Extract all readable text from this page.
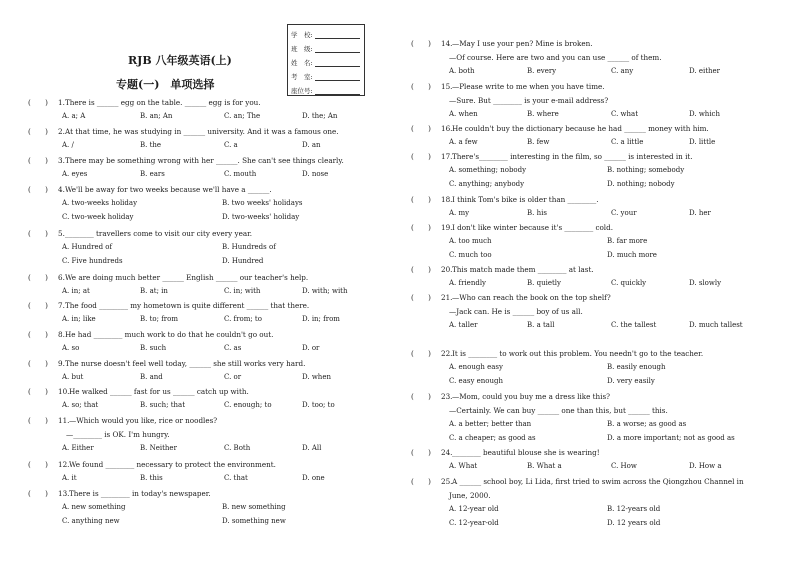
RJB 八年级英语(上)
专题(一)　单项选择
学　校:
班　级:
姓　名:
考　室:
座位号:
(　　) 1. There is ______ egg on the table. ______ egg is for you.
A. a; A	B. an; An	C. an; The	D. the; An
(　　) 2. At that time, he was studying in ______ university. And it was a famous one.
A. /	B. the	C. a	D. an
(　　) 3. There may be something wrong with her ______. She can't see things clearly.
A. eyes	B. ears	C. mouth	D. nose
(　　) 4. We'll be away for two weeks because we'll have a ______.
A. two-weeks holiday	B. two weeks' holidays
C. two-week holiday	D. two-weeks' holiday
(　　) 5. ________ travellers come to visit our city every year.
A. Hundred of	B. Hundreds of
C. Five hundreds	D. Hundred
(　　) 6. We are doing much better ______ English ______ our teacher's help.
A. in; at	B. at; in	C. in; with	D. with; with
(　　) 7. The food ________ my hometown is quite different ______ that there.
A. in; like	B. to; from	C. from; to	D. in; from
(　　) 8. He had ________ much work to do that he couldn't go out.
A. so	B. such	C. as	D. or
(　　) 9. The nurse doesn't feel well today, ______ she still works very hard.
A. but	B. and	C. or	D. when
(　　) 10. He walked ______ fast for us ______ catch up with.
A. so; that	B. such; that	C. enough; to	D. too; to
(　　) 11. —Which would you like, rice or noodles?
—________ is OK. I'm hungry.
A. Either	B. Neither	C. Both	D. All
(　　) 12. We found ________ necessary to protect the environment.
A. it	B. this	C. that	D. one
(　　) 13. There is ________ in today's newspaper.
A. new something	B. new something
C. anything new	D. something new
(　　) 14. —May I use your pen? Mine is broken.
—Of course. Here are two and you can use ______ of them.
A. both	B. every	C. any	D. either
(　　) 15. —Please write to me when you have time.
—Sure. But ________ is your e-mail address?
A. when	B. where	C. what	D. which
(　　) 16. He couldn't buy the dictionary because he had ______ money with him.
A. a few	B. few	C. a little	D. little
(　　) 17. There's________ interesting in the film, so ______ is interested in it.
A. something; nobody	B. nothing; somebody
C. anything; anybody	D. nothing; nobody
(　　) 18. I think Tom's bike is older than ________.
A. my	B. his	C. your	D. her
(　　) 19. I don't like winter because it's ________ cold.
A. too much	B. far more
C. much too	D. much more
(　　) 20. This match made them ________ at last.
A. friendly	B. quietly	C. quickly	D. slowly
(　　) 21. —Who can reach the book on the top shelf?
—Jack can. He is ______ boy of us all.
A. taller	B. a tall	C. the tallest	D. much tallest
(　　) 22. It is ________ to work out this problem. You needn't go to the teacher.
A. enough easy	B. easily enough
C. easy enough	D. very easily
(　　) 23. —Mom, could you buy me a dress like this?
—Certainly. We can buy ______ one than this, but ______ this.
A. a better; better than	B. a worse; as good as
C. a cheaper; as good as	D. a more important; not as good as
(　　) 24. ________ beautiful blouse she is wearing!
A. What	B. What a	C. How	D. How a
(　　) 25. A ______ school boy, Li Lida, first tried to swim across the Qiongzhou Channel in
June, 2000.
A. 12-year old	B. 12-years old
C. 12-year-old	D. 12 years old
